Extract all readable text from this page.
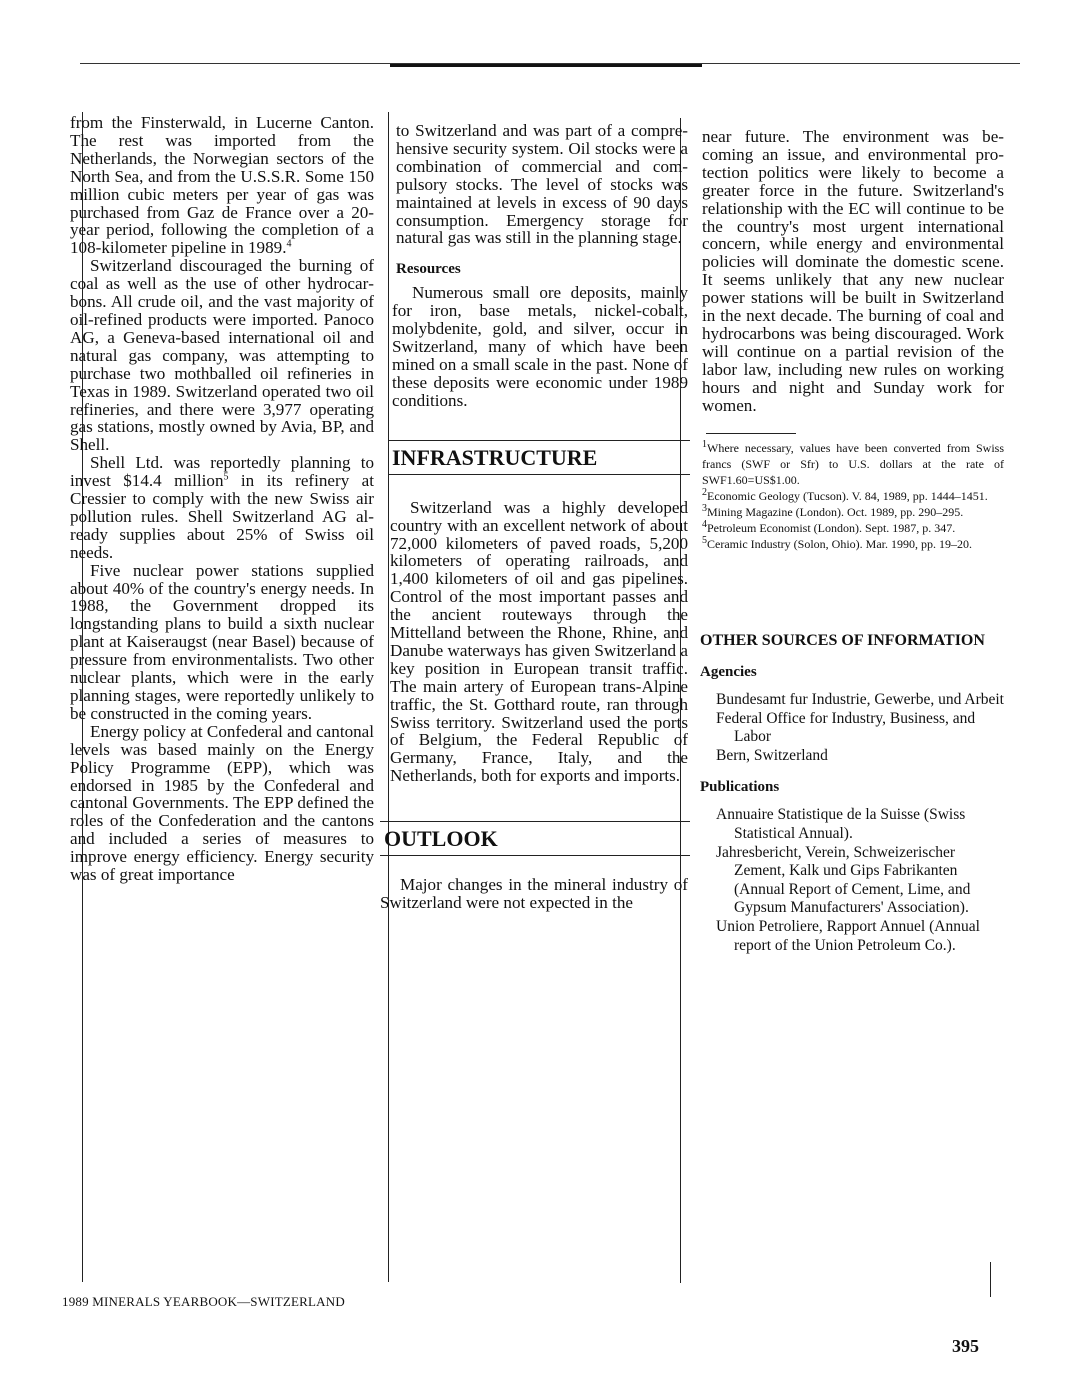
from the Finsterwald, in Lucerne Canton. The rest was imported from the Netherlands, the Norwegian sectors of the North Sea, and from the U.S.S.R. Some 150 million cubic meters per year of gas was purchased from Gaz de France over a 20-year period, following the completion of a 108-kilometer pipeline in 1989.$^4$

Switzerland discouraged the burning of coal as well as the use of other hydrocarbons. All crude oil, and the vast majority of oil-refined products were imported. Panoco AG, a Geneva-based international oil and natural gas company, was attempting to purchase two mothballed oil refineries in Texas in 1989. Switzerland operated two oil refineries, and there were 3,977 operating gas stations, mostly owned by Avia, BP, and Shell.

Shell Ltd. was reportedly planning to invest $14.4 million$^5$ in its refinery at Cressier to comply with the new Swiss air pollution rules. Shell Switzerland AG already supplies about 25% of Swiss oil needs.

Five nuclear power stations supplied about 40% of the country's energy needs. In 1988, the Government dropped its longstanding plans to build a sixth nuclear plant at Kaiseraugst (near Basel) because of pressure from environmentalists. Two other nuclear plants, which were in the early planning stages, were reportedly unlikely to be constructed in the coming years.

Energy policy at Confederal and cantonal levels was based mainly on the Energy Policy Programme (EPP), which was endorsed in 1985 by the Confederal and cantonal Governments. The EPP defined the roles of the Confederation and the cantons and included a series of measures to improve energy efficiency. Energy security was of great importance

to Switzerland and was part of a comprehensive security system. Oil stocks were a combination of commercial and compulsory stocks. The level of stocks was maintained at levels in excess of 90 days consumption. Emergency storage for natural gas was still in the planning stage.

Resources

Numerous small ore deposits, mainly for iron, base metals, nickel-cobalt, molybdenite, gold, and silver, occur in Switzerland, many of which have been mined on a small scale in the past. None of these deposits were economic under 1989 conditions.

INFRASTRUCTURE

Switzerland was a highly developed country with an excellent network of about 72,000 kilometers of paved roads, 5,200 kilometers of operating railroads, and 1,400 kilometers of oil and gas pipelines. Control of the most important passes and the ancient routeways through the Mittelland between the Rhone, Rhine, and Danube waterways has given Switzerland a key position in European transit traffic. The main artery of European trans-Alpine traffic, the St. Gotthard route, ran through Swiss territory. Switzerland used the ports of Belgium, the Federal Republic of Germany, France, Italy, and the Netherlands, both for exports and imports.

OUTLOOK

Major changes in the mineral industry of Switzerland were not expected in the

near future. The environment was becoming an issue, and environmental protection politics were likely to become a greater force in the future. Switzerland's relationship with the EC will continue to be the country's most urgent international concern, while energy and environmental policies will dominate the domestic scene. It seems unlikely that any new nuclear power stations will be built in Switzerland in the next decade. The burning of coal and hydrocarbons was being discouraged. Work will continue on a partial revision of the labor law, including new rules on working hours and night and Sunday work for women.

$^1$Where necessary, values have been converted from Swiss francs (SWF or Sfr) to U.S. dollars at the rate of SWF1.60=US$1.00.

$^2$Economic Geology (Tucson). V. 84, 1989, pp. 1444–1451.

$^3$Mining Magazine (London). Oct. 1989, pp. 290–295.

$^4$Petroleum Economist (London). Sept. 1987, p. 347.

$^5$Ceramic Industry (Solon, Ohio). Mar. 1990, pp. 19–20.

OTHER SOURCES OF INFORMATION
Agencies

Bundesamt fur Industrie, Gewerbe, und Arbeit

Federal Office for Industry, Business, and Labor

Bern, Switzerland

Publications

Annuaire Statistique de la Suisse (Swiss Statistical Annual).

Jahresbericht, Verein, Schweizerischer Zement, Kalk und Gips Fabrikanten (Annual Report of Cement, Lime, and Gypsum Manufacturers' Association).

Union Petroliere, Rapport Annuel (Annual report of the Union Petroleum Co.).

1989 MINERALS YEARBOOK—SWITZERLAND
395
